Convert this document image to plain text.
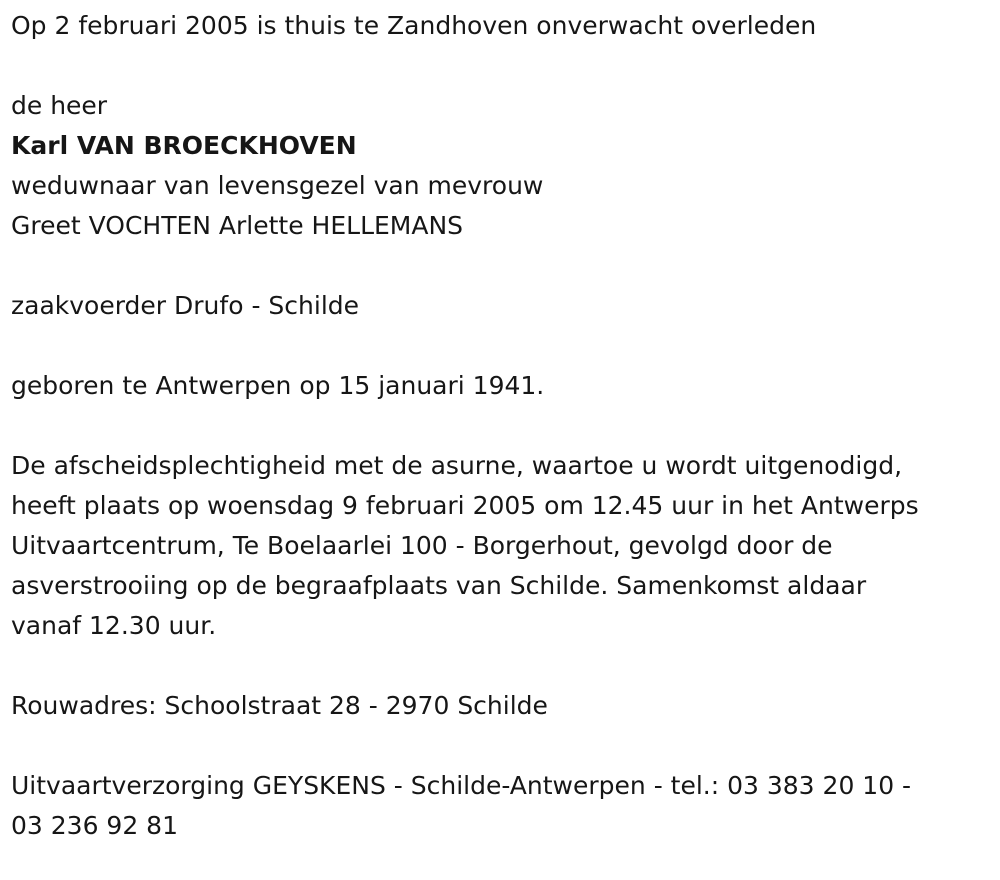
Op 2 februari 2005 is thuis te Zandhoven onverwacht overleden
de heer
Karl VAN BROECKHOVEN
weduwnaar van levensgezel van mevrouw
Greet VOCHTEN Arlette HELLEMANS
zaakvoerder Drufo - Schilde
geboren te Antwerpen op 15 januari 1941.
De afscheidsplechtigheid met de asurne, waartoe u wordt uitgenodigd,
heeft plaats op woensdag 9 februari 2005 om 12.45 uur in het Antwerps
Uitvaartcentrum, Te Boelaarlei 100 - Borgerhout, gevolgd door de
asverstrooiing op de begraafplaats van Schilde. Samenkomst aldaar
vanaf 12.30 uur.
Rouwadres: Schoolstraat 28 - 2970 Schilde
Uitvaartverzorging GEYSKENS - Schilde-Antwerpen - tel.: 03 383 20 10 -
03 236 92 81
